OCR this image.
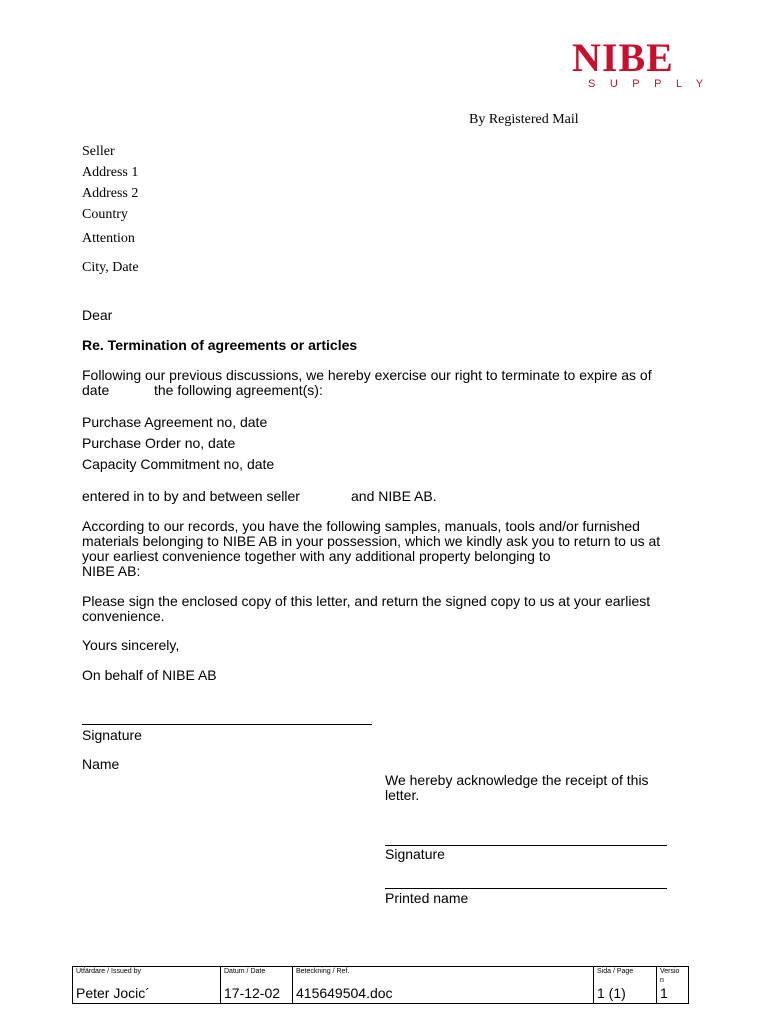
NIBE
SUPPLY
By Registered Mail
Seller
Address 1
Address 2
Country
Attention
City, Date
Dear
Re. Termination of agreements or articles
Following our previous discussions, we hereby exercise our right to terminate to expire as of
date	the following agreement(s):
Purchase Agreement no, date
Purchase Order no, date
Capacity Commitment no, date
entered in to by and between seller	and NIBE AB.
According to our records, you have the following samples, manuals, tools and/or furnished
materials belonging to NIBE AB in your possession, which we kindly ask you to return to us at
your earliest convenience together with any additional property belonging to
NIBE AB:
Please sign the enclosed copy of this letter, and return the signed copy to us at your earliest
convenience.
Yours sincerely,
On behalf of NIBE AB
Signature
Name
We hereby acknowledge the receipt of this
letter.
Signature
Printed name
Utfärdare / Issued by	Datum / Date	Beteckning / Ref.	Sida / Page	Versio n
Peter Jocic´	17-12-02	415649504.doc	1 (1)	1
